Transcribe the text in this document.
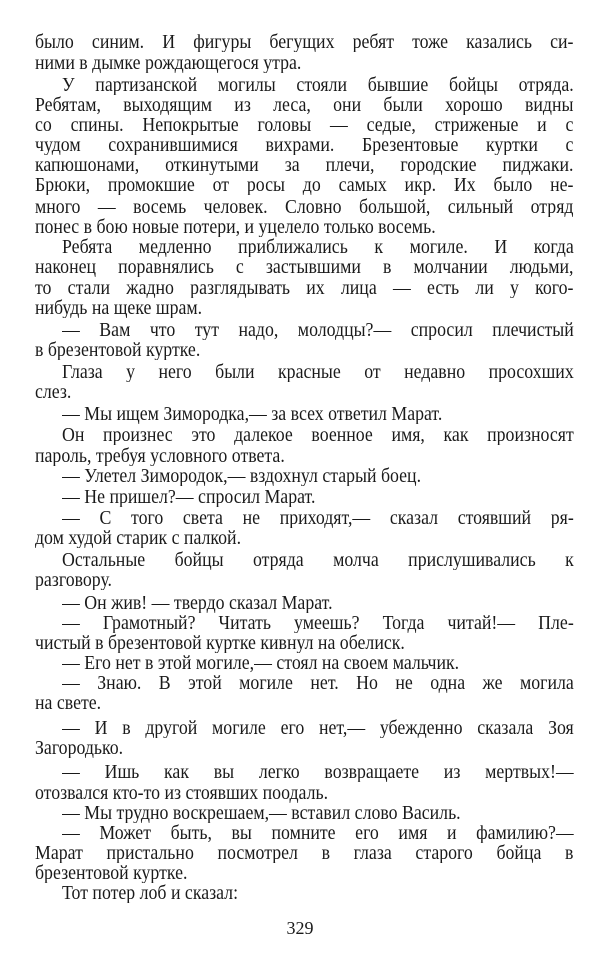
было синим. И фигуры бегущих ребят тоже казались си-
ними в дымке рождающегося утра.
У партизанской могилы стояли бывшие бойцы отряда.
Ребятам, выходящим из леса, они были хорошо видны
со спины. Непокрытые головы — седые, стриженые и с
чудом сохранившимися вихрами. Брезентовые куртки с
капюшонами, откинутыми за плечи, городские пиджаки.
Брюки, промокшие от росы до самых икр. Их было не-
много — восемь человек. Словно большой, сильный отряд
понес в бою новые потери, и уцелело только восемь.
Ребята медленно приближались к могиле. И когда
наконец поравнялись с застывшими в молчании людьми,
то стали жадно разглядывать их лица — есть ли у кого-
нибудь на щеке шрам.
— Вам что тут надо, молодцы?— спросил плечистый
в брезентовой куртке.
Глаза у него были красные от недавно просохших
слез.
— Мы ищем Зимородка,— за всех ответил Марат.
Он произнес это далекое военное имя, как произносят
пароль, требуя условного ответа.
— Улетел Зимородок,— вздохнул старый боец.
— Не пришел?— спросил Марат.
— С того света не приходят,— сказал стоявший ря-
дом худой старик с палкой.
Остальные бойцы отряда молча прислушивались к
разговору.
— Он жив! — твердо сказал Марат.
— Грамотный? Читать умеешь? Тогда читай!— Пле-
чистый в брезентовой куртке кивнул на обелиск.
— Его нет в этой могиле,— стоял на своем мальчик.
— Знаю. В этой могиле нет. Но не одна же могила
на свете.
— И в другой могиле его нет,— убежденно сказала Зоя
Загородько.
— Ишь как вы легко возвращаете из мертвых!—
отозвался кто-то из стоявших поодаль.
— Мы трудно воскрешаем,— вставил слово Василь.
— Может быть, вы помните его имя и фамилию?—
Марат пристально посмотрел в глаза старого бойца в
брезентовой куртке.
Тот потер лоб и сказал:
329
